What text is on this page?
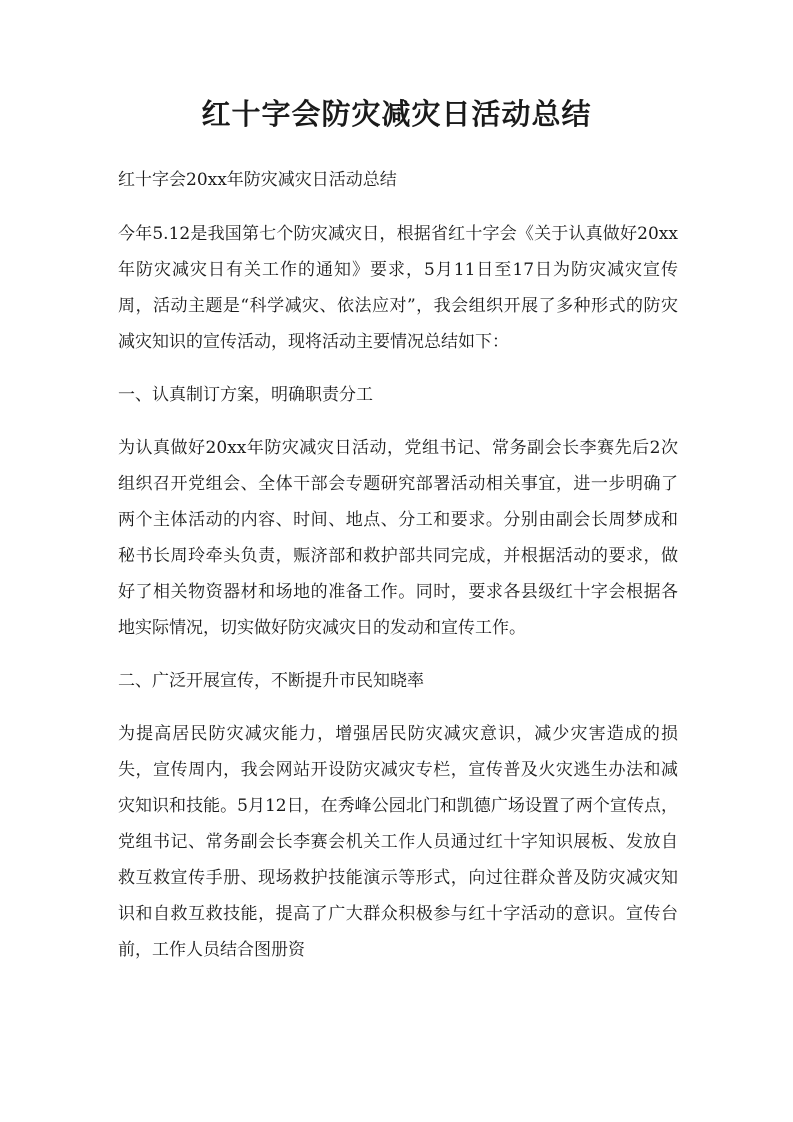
红十字会防灾减灾日活动总结

红十字会20xx年防灾减灾日活动总结

今年5.12是我国第七个防灾减灾日，根据省红十字会《关于认真做好20xx年防灾减灾日有关工作的通知》要求，5月11日至17日为防灾减灾宣传周，活动主题是“科学减灾、依法应对”，我会组织开展了多种形式的防灾减灾知识的宣传活动，现将活动主要情况总结如下：

一、认真制订方案，明确职责分工

为认真做好20xx年防灾减灾日活动，党组书记、常务副会长李赛先后2次组织召开党组会、全体干部会专题研究部署活动相关事宜，进一步明确了两个主体活动的内容、时间、地点、分工和要求。分别由副会长周梦成和秘书长周玲牵头负责，赈济部和救护部共同完成，并根据活动的要求，做好了相关物资器材和场地的准备工作。同时，要求各县级红十字会根据各地实际情况，切实做好防灾减灾日的发动和宣传工作。

二、广泛开展宣传，不断提升市民知晓率

为提高居民防灾减灾能力，增强居民防灾减灾意识，减少灾害造成的损失，宣传周内，我会网站开设防灾减灾专栏，宣传普及火灾逃生办法和减灾知识和技能。5月12日，在秀峰公园北门和凯德广场设置了两个宣传点，党组书记、常务副会长李赛会机关工作人员通过红十字知识展板、发放自救互救宣传手册、现场救护技能演示等形式，向过往群众普及防灾减灾知识和自救互救技能，提高了广大群众积极参与红十字活动的意识。宣传台前，工作人员结合图册资
